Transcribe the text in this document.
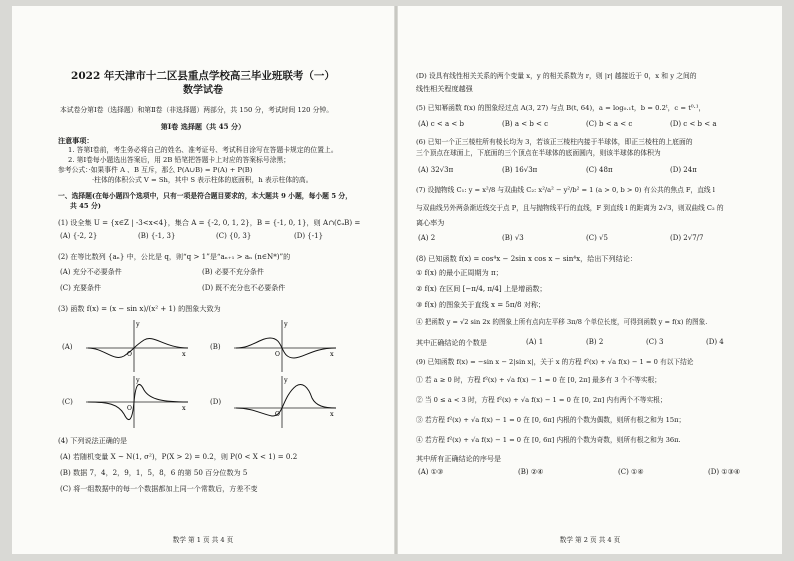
2022 年天津市十二区县重点学校高三毕业班联考（一）
数学试卷
本试卷分第Ⅰ卷（选择题）和第Ⅱ卷（非选择题）两部分，共 150 分，考试时间 120 分钟。
第Ⅰ卷 选择题（共 45 分）
注意事项：
1. 答第Ⅰ卷前，考生务必将自己的姓名、准考证号、考试科目涂写在答题卡规定的位置上。
2. 第Ⅰ卷每小题选出答案后，用 2B 铅笔把答题卡上对应的答案标号涂黑；
参考公式：·如果事件 A 、B 互斥，那么 P(A∪B) = P(A) + P(B)
·柱体的体积公式 V = Sh，其中 S 表示柱体的底面积，h 表示柱体的高。
一、选择题(在每小题四个选项中，只有一项是符合题目要求的，本大题共 9 小题，每小题 5 分，
共 45 分)
(1) 设全集 U = {x∈Z | -3<x<4}，集合 A = {-2, 0, 1, 2}，B = {-1, 0, 1}，则 A∩(∁ᵤB) =
(A) {-2, 2}	(B) {-1, 3}	(C) {0, 3}	(D) {-1}
(2) 在等比数列 {aₙ} 中，公比是 q，则“q > 1”是“aₙ₊₁ > aₙ (n∈N*)”的
(A) 充分不必要条件	(B) 必要不充分条件
(C) 充要条件	(D) 既不充分也不必要条件
(3) 函数 f(x) = (x − sin x)/(x² + 1) 的图象大致为
(A)
y
x
O
(B)
y
x
O
(C)
y
x
O
(D)
y
x
O
(4) 下列说法正确的是
(A) 若随机变量 X ~ N(1, σ²)，P(X > 2) = 0.2，则 P(0 < X < 1) = 0.2
(B) 数据 7，4，2，9，1，5，8，6 的第 50 百分位数为 5
(C) 将一组数据中的每一个数据都加上同一个常数后，方差不变
数学 第 1 页 共 4 页
(D) 设具有线性相关关系的两个变量 x，y 的相关系数为 r，则 |r| 越接近于 0，x 和 y 之间的
线性相关程度越强
(5) 已知幂函数 f(x) 的图象经过点 A(3, 27) 与点 B(t, 64)，a = log₀.₁t，b = 0.2ᵗ，c = t⁰·¹，
(A) c < a < b	(B) a < b < c	(C) b < a < c	(D) c < b < a
(6) 已知一个正三棱柱所有棱长均为 3，若该正三棱柱内接于半球体，即正三棱柱的上底面的
三个顶点在球面上，下底面的三个顶点在半球体的底面圆内，则该半球体的体积为
(A) 32√3π	(B) 16√3π	(C) 48π	(D) 24π
(7) 设抛物线 C₁: y = x²/8 与双曲线 C₂: x²/a² − y²/b² = 1 (a > 0, b > 0) 有公共的焦点 F，直线 l
与双曲线另外两条渐近线交于点 P，且与抛物线平行的直线，F 到直线 l 的距离为 2√3，则双曲线 C₂ 的
离心率为
(A) 2	(B) √3	(C) √5	(D) 2√7/7
(8) 已知函数 f(x) = cos⁴x − 2sin x cos x − sin⁴x，给出下列结论：
① f(x) 的最小正周期为 π；
② f(x) 在区间 [−π/4, π/4] 上是增函数；
③ f(x) 的图象关于直线 x = 5π/8 对称；
④ 把函数 y = √2 sin 2x 的图象上所有点向左平移 3π/8 个单位长度，可得到函数 y = f(x) 的图象.
其中正确结论的个数是	(A) 1	(B) 2	(C) 3	(D) 4
(9) 已知函数 f(x) = −sin x − 2|sin x|，关于 x 的方程 f²(x) + √a f(x) − 1 = 0 有以下结论
① 若 a ≥ 0 时，方程 f²(x) + √a f(x) − 1 = 0 在 [0, 2π] 最多有 3 个不等实根；
② 当 0 ≤ a < 3 时，方程 f²(x) + √a f(x) − 1 = 0 在 [0, 2π] 内有两个不等实根；
③ 若方程 f²(x) + √a f(x) − 1 = 0 在 [0, 6π] 内根的个数为偶数，则所有根之和为 15π；
④ 若方程 f²(x) + √a f(x) − 1 = 0 在 [0, 6π] 内根的个数为奇数，则所有根之和为 36π.
其中所有正确结论的序号是
(A) ①③	(B) ②④	(C) ①④	(D) ①③④
数学 第 2 页 共 4 页
